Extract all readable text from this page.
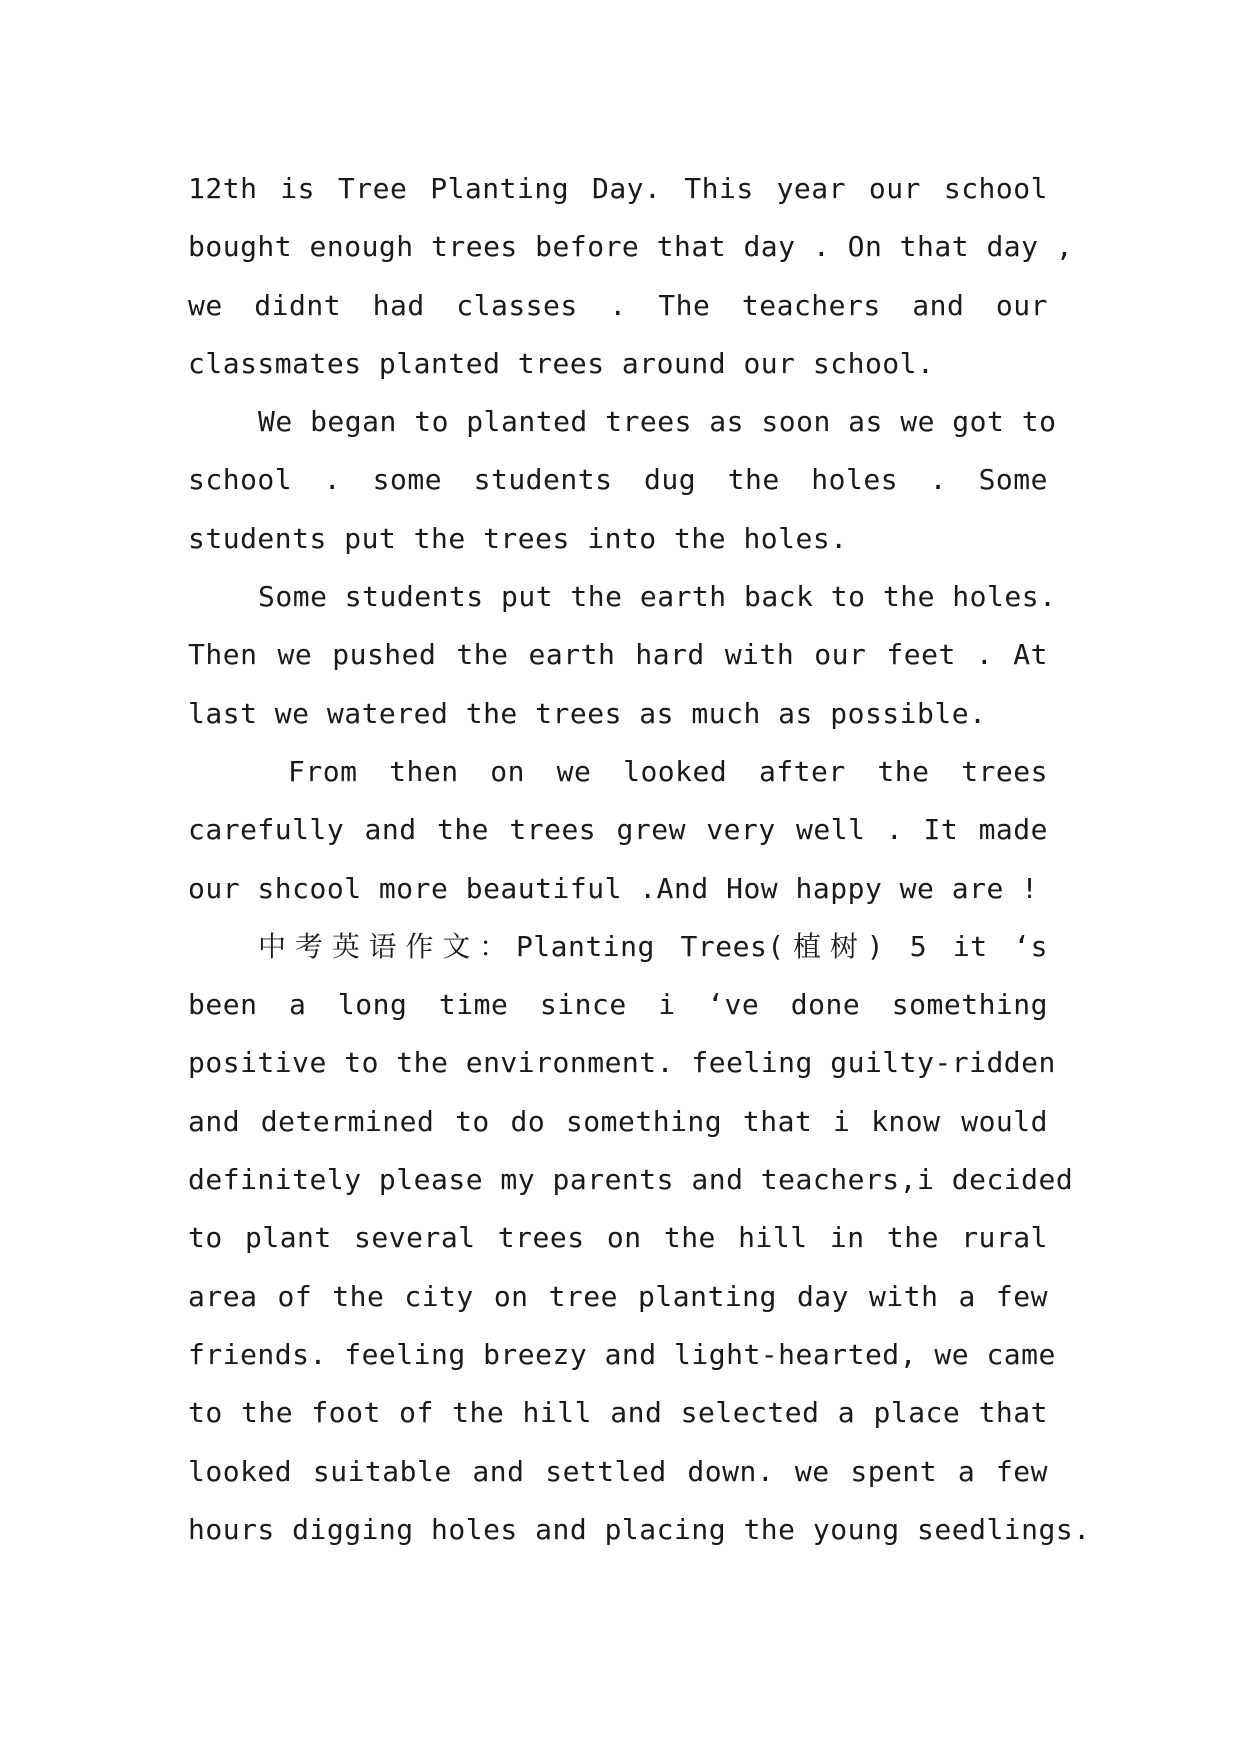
12th is Tree Planting Day. This year our school
bought enough trees before that day . On that day ,
we didnt had classes . The teachers and our
classmates planted trees around our school.
We began to planted trees as soon as we got to
school . some students dug the holes . Some
students put the trees into the holes.
Some students put the earth back to the holes.
Then we pushed the earth hard with our feet . At
last we watered the trees as much as possible.
From then on we looked after the trees
carefully and the trees grew very well . It made
our shcool more beautiful .And How happy we are !
中考英语作文：Planting Trees(植树) 5 it ‘s
been a long time since i ‘ve done something
positive to the environment. feeling guilty-ridden
and determined to do something that i know would
definitely please my parents and teachers,i decided
to plant several trees on the hill in the rural
area of the city on tree planting day with a few
friends. feeling breezy and light-hearted, we came
to the foot of the hill and selected a place that
looked suitable and settled down. we spent a few
hours digging holes and placing the young seedlings.
